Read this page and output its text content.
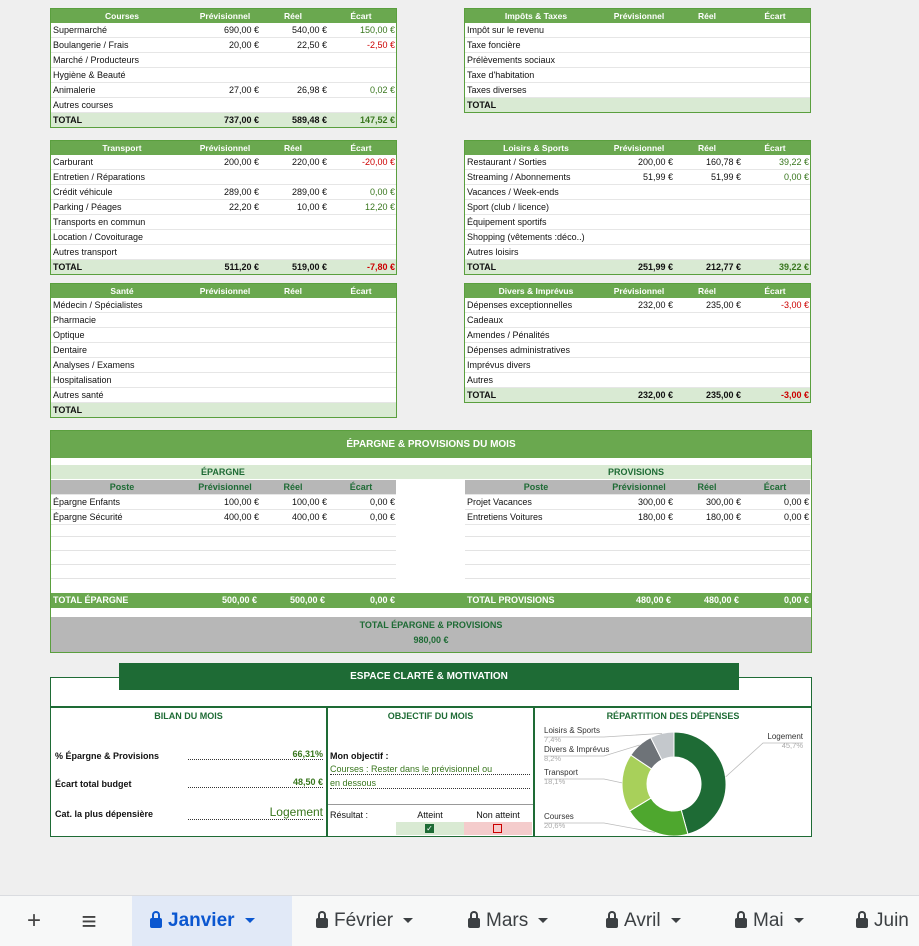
Courses	Prévisionnel	Réel	Écart
Supermarché	690,00 €	540,00 €	150,00 €
Boulangerie / Frais	20,00 €	22,50 €	-2,50 €
Marché / Producteurs
Hygiène & Beauté
Animalerie	27,00 €	26,98 €	0,02 €
Autres courses
TOTAL	737,00 €	589,48 €	147,52 €
Impôts & Taxes	Prévisionnel	Réel	Écart
Impôt sur le revenu
Taxe foncière
Prélèvements sociaux
Taxe d'habitation
Taxes diverses
TOTAL
Transport	Prévisionnel	Réel	Écart
Carburant	200,00 €	220,00 €	-20,00 €
Entretien / Réparations
Crédit véhicule	289,00 €	289,00 €	0,00 €
Parking / Péages	22,20 €	10,00 €	12,20 €
Transports en commun
Location / Covoiturage
Autres transport
TOTAL	511,20 €	519,00 €	-7,80 €
Loisirs & Sports	Prévisionnel	Réel	Écart
Restaurant / Sorties	200,00 €	160,78 €	39,22 €
Streaming / Abonnements	51,99 €	51,99 €	0,00 €
Vacances / Week-ends
Sport (club / licence)
Équipement sportifs
Shopping (vêtements :déco..)
Autres loisirs
TOTAL	251,99 €	212,77 €	39,22 €
Santé	Prévisionnel	Réel	Écart
Médecin / Spécialistes
Pharmacie
Optique
Dentaire
Analyses / Examens
Hospitalisation
Autres santé
TOTAL
Divers & Imprévus	Prévisionnel	Réel	Écart
Dépenses exceptionnelles	232,00 €	235,00 €	-3,00 €
Cadeaux
Amendes / Pénalités
Dépenses administratives
Imprévus divers
Autres
TOTAL	232,00 €	235,00 €	-3,00 €
ÉPARGNE & PROVISIONS DU MOIS
ÉPARGNE	PROVISIONS
Poste	Prévisionnel	Réel	Écart
Épargne Enfants	100,00 €	100,00 €	0,00 €
Épargne Sécurité	400,00 €	400,00 €	0,00 €
Poste	Prévisionnel	Réel	Écart
Projet Vacances	300,00 €	300,00 €	0,00 €
Entretiens Voitures	180,00 €	180,00 €	0,00 €
TOTAL ÉPARGNE	500,00 €	500,00 €	0,00 €	TOTAL PROVISIONS	480,00 €	480,00 €	0,00 €
TOTAL ÉPARGNE & PROVISIONS
980,00 €
BILAN DU MOIS
% Épargne & Provisions	66,31%
Écart total budget	48,50 €
Cat. la plus dépensière	Logement
OBJECTIF DU MOIS
Mon objectif :
Courses : Rester dans le prévisionnel ou
en dessous
Résultat :	Atteint	Non atteint
✓
RÉPARTITION DES DÉPENSES
Logement
45,7%
Courses
20,6%
Transport
18,1%
Divers & Imprévus
8,2%
Loisirs & Sports
7,4%
ESPACE CLARTÉ & MOTIVATION
+ ≡	Janvier	Février	Mars	Avril	Mai	Juin
